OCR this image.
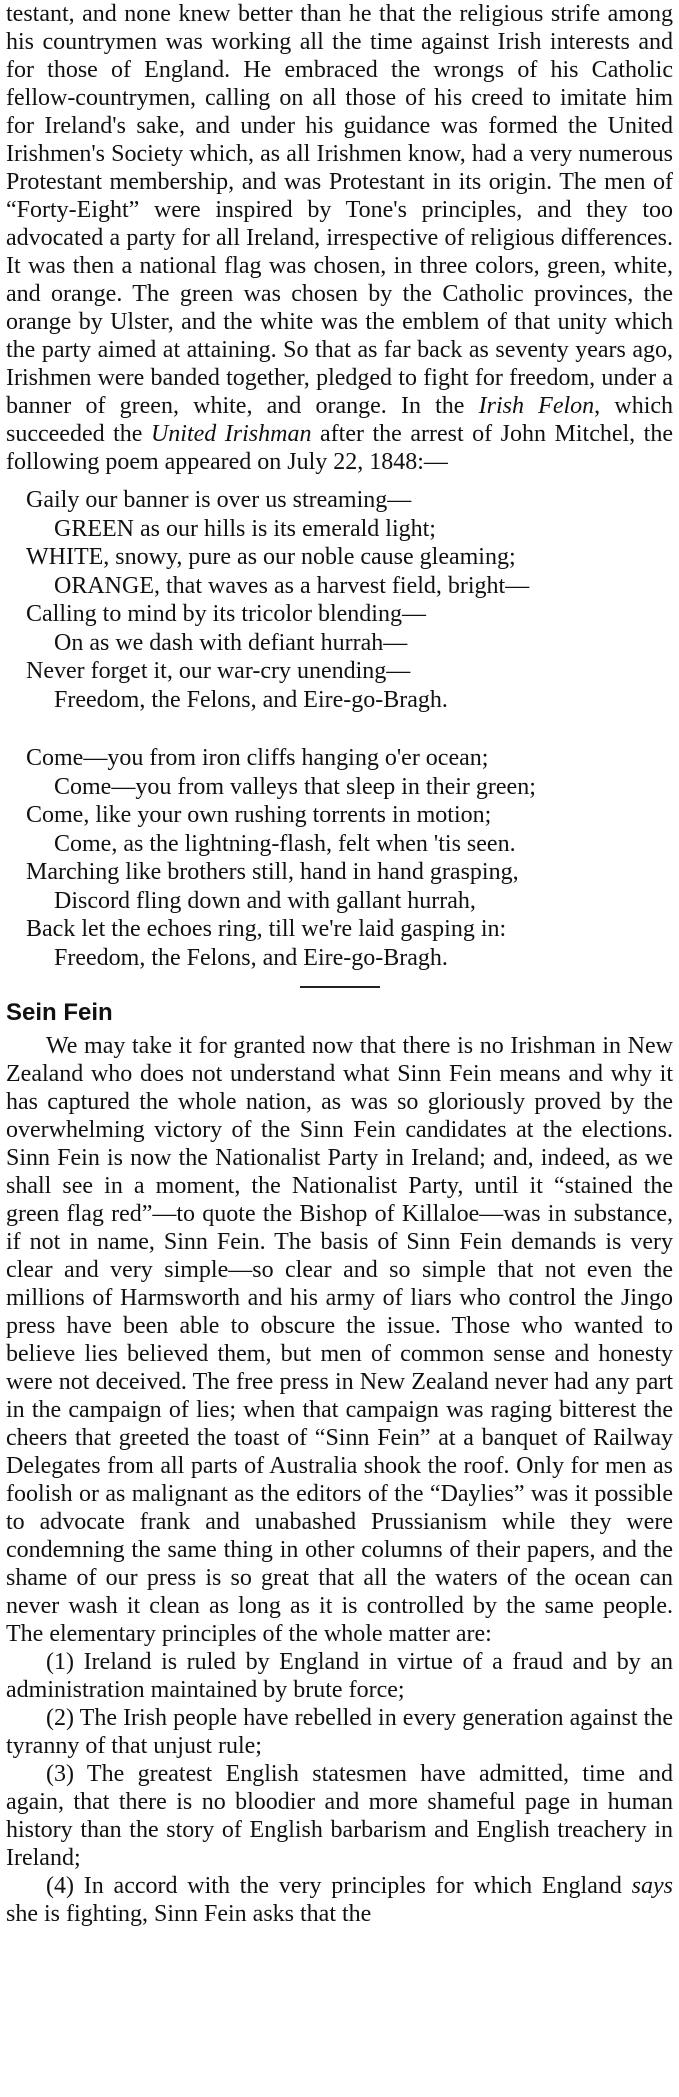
testant, and none knew better than he that the religious strife among his countrymen was working all the time against Irish interests and for those of England. He embraced the wrongs of his Catholic fellow-countrymen, calling on all those of his creed to imitate him for Ireland's sake, and under his guidance was formed the United Irishmen's Society which, as all Irishmen know, had a very numerous Protestant membership, and was Protestant in its origin. The men of “Forty-Eight” were inspired by Tone's principles, and they too advocated a party for all Ireland, irrespective of religious differences. It was then a national flag was chosen, in three colors, green, white, and orange. The green was chosen by the Catholic provinces, the orange by Ulster, and the white was the emblem of that unity which the party aimed at attaining. So that as far back as seventy years ago, Irishmen were banded together, pledged to fight for freedom, under a banner of green, white, and orange. In the Irish Felon, which succeeded the United Irishman after the arrest of John Mitchel, the following poem appeared on July 22, 1848:—

Gaily our banner is over us streaming—
GREEN as our hills is its emerald light;
WHITE, snowy, pure as our noble cause gleaming;
ORANGE, that waves as a harvest field, bright—
Calling to mind by its tricolor blending—
On as we dash with defiant hurrah—
Never forget it, our war-cry unending—
Freedom, the Felons, and Eire-go-Bragh.
Come—you from iron cliffs hanging o'er ocean;
Come—you from valleys that sleep in their green;
Come, like your own rushing torrents in motion;
Come, as the lightning-flash, felt when 'tis seen.
Marching like brothers still, hand in hand grasping,
Discord fling down and with gallant hurrah,
Back let the echoes ring, till we're laid gasping in:
Freedom, the Felons, and Eire-go-Bragh.
Sein Fein

We may take it for granted now that there is no Irishman in New Zealand who does not understand what Sinn Fein means and why it has captured the whole nation, as was so gloriously proved by the overwhelming victory of the Sinn Fein candidates at the elections. Sinn Fein is now the Nationalist Party in Ireland; and, indeed, as we shall see in a moment, the Nationalist Party, until it “stained the green flag red”—to quote the Bishop of Killaloe—was in substance, if not in name, Sinn Fein. The basis of Sinn Fein demands is very clear and very simple—so clear and so simple that not even the millions of Harmsworth and his army of liars who control the Jingo press have been able to obscure the issue. Those who wanted to believe lies believed them, but men of common sense and honesty were not deceived. The free press in New Zealand never had any part in the campaign of lies; when that campaign was raging bitterest the cheers that greeted the toast of “Sinn Fein” at a banquet of Railway Delegates from all parts of Australia shook the roof. Only for men as foolish or as malignant as the editors of the “Daylies” was it possible to advocate frank and unabashed Prussianism while they were condemning the same thing in other columns of their papers, and the shame of our press is so great that all the waters of the ocean can never wash it clean as long as it is controlled by the same people. The elementary principles of the whole matter are:

(1) Ireland is ruled by England in virtue of a fraud and by an administration maintained by brute force;

(2) The Irish people have rebelled in every generation against the tyranny of that unjust rule;

(3) The greatest English statesmen have admitted, time and again, that there is no bloodier and more shameful page in human history than the story of English barbarism and English treachery in Ireland;

(4) In accord with the very principles for which England says she is fighting, Sinn Fein asks that the
